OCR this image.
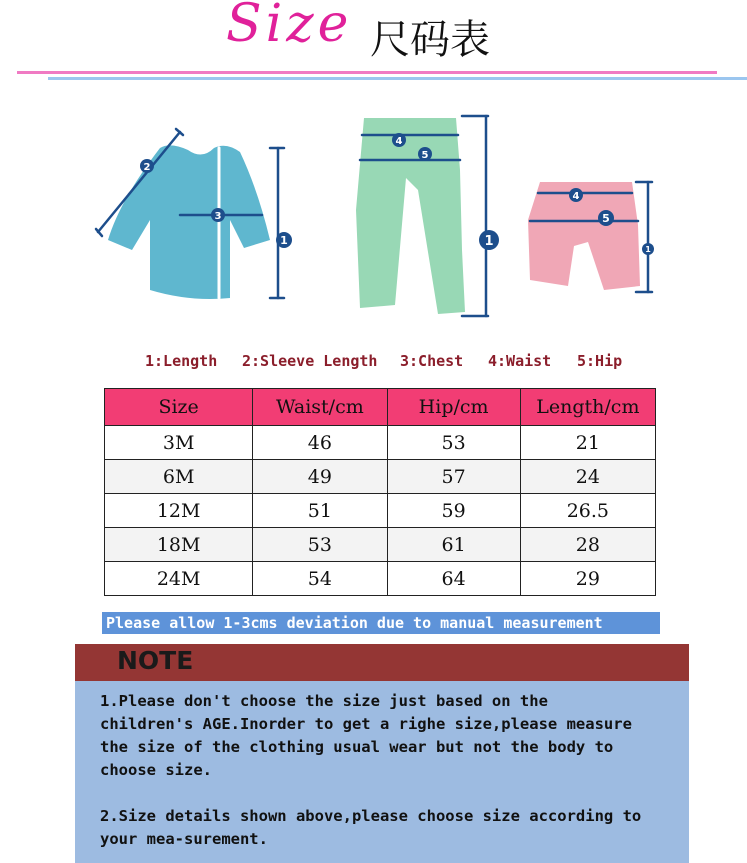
Size 尺码表
2
3
1
4
5
1
4
5
1
1:Length 2:Sleeve Length 3:Chest 4:Waist 5:Hip
Size	Waist/cm	Hip/cm	Length/cm
3M	46	53	21
6M	49	57	24
12M	51	59	26.5
18M	53	61	28
24M	54	64	29
Please allow 1-3cms deviation due to manual measurement
NOTE

1.Please don't choose the size just based on the
children's AGE.Inorder to get a righe size,please measure
the size of the clothing usual wear but not the body to
choose size.

2.Size details shown above,please choose size according to
your mea-surement.
